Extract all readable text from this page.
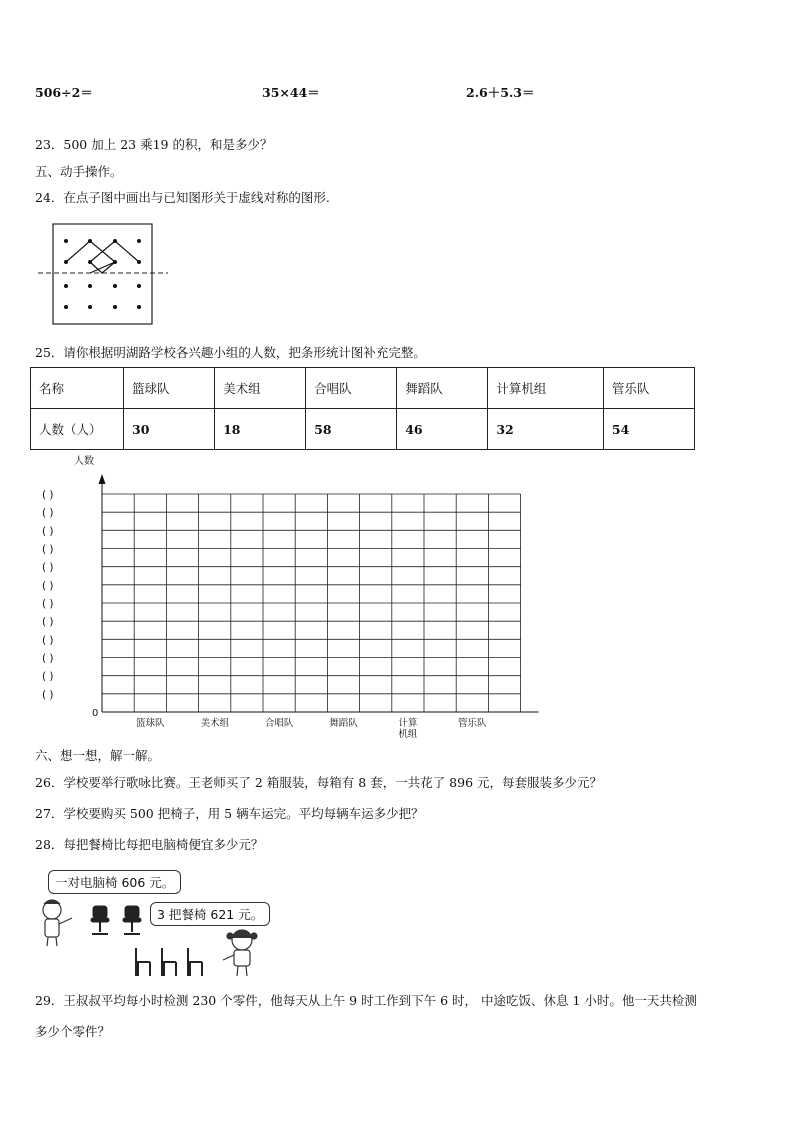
506÷2＝	35×44＝	2.6＋5.3＝
23．500 加上 23 乘19 的积，和是多少？
五、动手操作。
24．在点子图中画出与已知图形关于虚线对称的图形.
25．请你根据明湖路学校各兴趣小组的人数，把条形统计图补充完整。
名称	篮球队	美术组	合唱队	舞蹈队	计算机组	管乐队
人数（人）	30	18	58	46	32	54
人数
0
( )
( )
( )
( )
( )
( )
( )
( )
( )
( )
( )
( )
篮球队	美术组	合唱队	舞蹈队	计算
机组
管乐队
六、想一想，解一解。
26．学校要举行歌咏比赛。王老师买了 2 箱服装，每箱有 8 套，一共花了 896 元，每套服装多少元？
27．学校要购买 500 把椅子，用 5 辆车运完。平均每辆车运多少把？
28．每把餐椅比每把电脑椅便宜多少元？
一对电脑椅 606 元。
3 把餐椅 621 元。
29．王叔叔平均每小时检测 230 个零件，他每天从上午 9 时工作到下午 6 时， 中途吃饭、休息 1 小时。他一天共检测
多少个零件？
